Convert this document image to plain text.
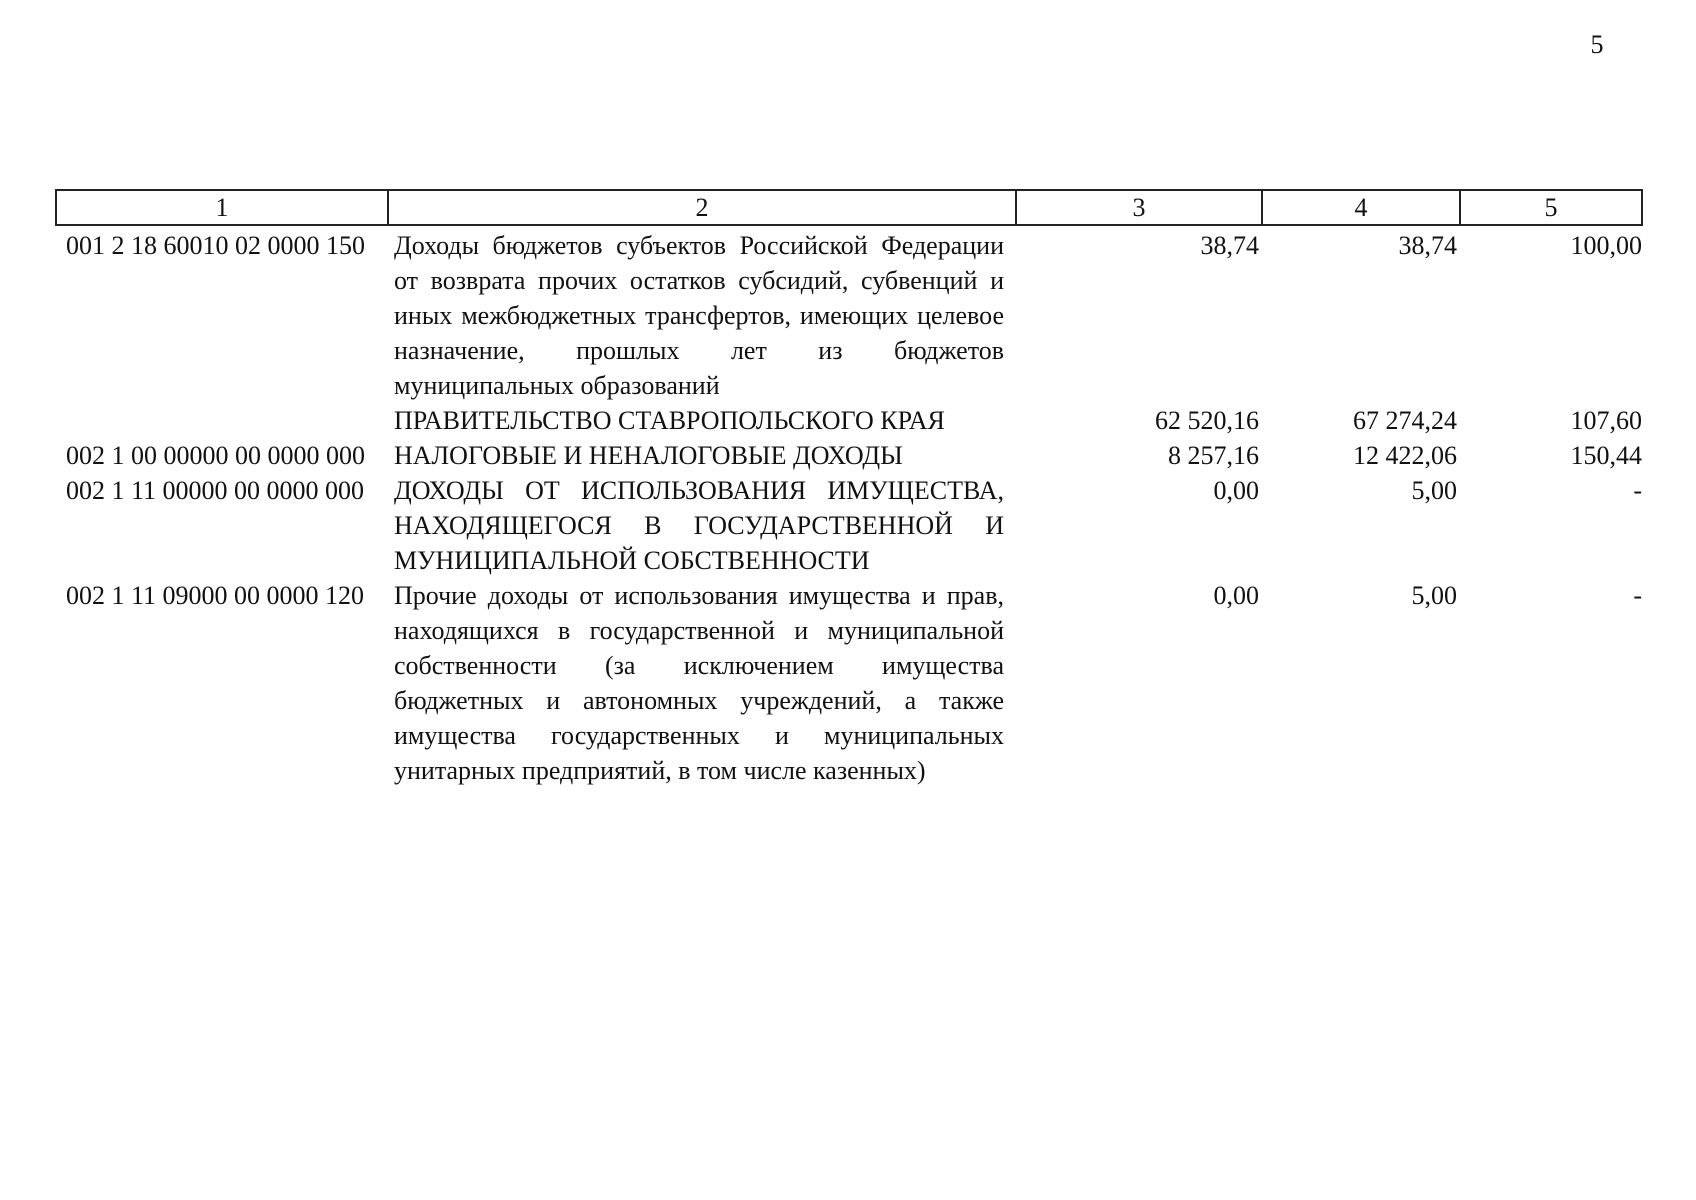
5
1	2	3	4	5
001 2 18 60010 02 0000 150	Доходы бюджетов субъектов Российской Федерации от возврата прочих остатков субсидий, субвенций и иных межбюджетных трансфертов, имеющих целевое назначение, прошлых лет из бюджетов муниципальных образований	38,74	38,74	100,00
	ПРАВИТЕЛЬСТВО СТАВРОПОЛЬСКОГО КРАЯ	62 520,16	67 274,24	107,60
002 1 00 00000 00 0000 000	НАЛОГОВЫЕ И НЕНАЛОГОВЫЕ ДОХОДЫ	8 257,16	12 422,06	150,44
002 1 11 00000 00 0000 000	ДОХОДЫ ОТ ИСПОЛЬЗОВАНИЯ ИМУЩЕСТВА, НАХОДЯЩЕГОСЯ В ГОСУДАРСТВЕННОЙ И МУНИЦИПАЛЬНОЙ СОБСТВЕННОСТИ	0,00	5,00	-
002 1 11 09000 00 0000 120	Прочие доходы от использования имущества и прав, находящихся в государственной и муниципальной собственности (за исключением имущества бюджетных и автономных учреждений, а также имущества государственных и муниципальных унитарных предприятий, в том числе казенных)	0,00	5,00	-
